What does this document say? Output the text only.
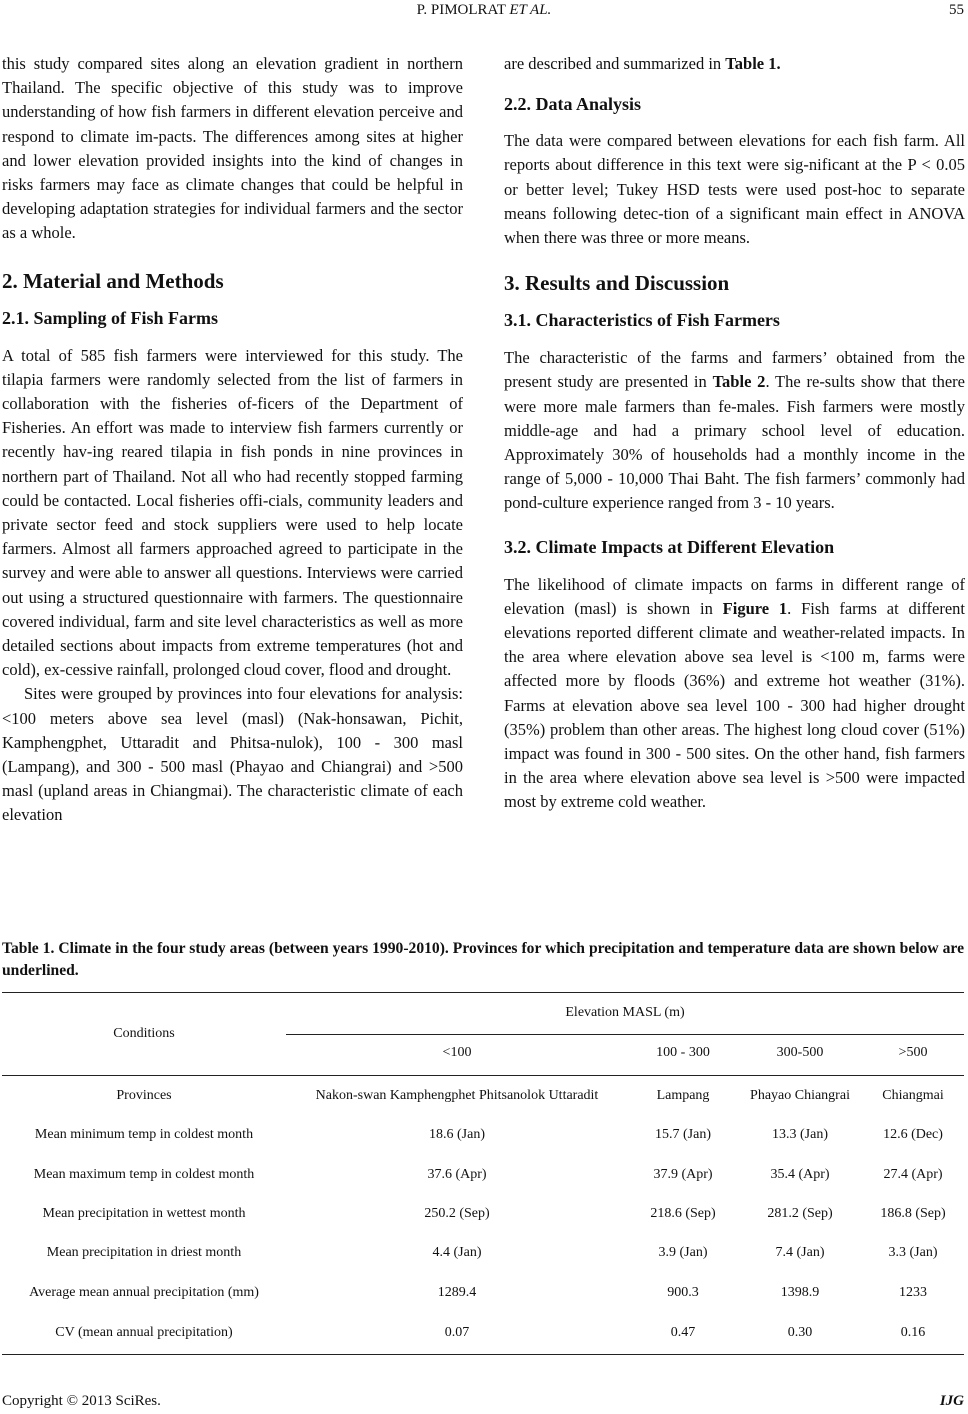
P. PIMOLRAT ET AL.	55

this study compared sites along an elevation gradient in northern Thailand. The specific objective of this study was to improve understanding of how fish farmers in different elevation perceive and respond to climate im-pacts. The differences among sites at higher and lower elevation provided insights into the kind of changes in risks farmers may face as climate changes that could be helpful in developing adaptation strategies for individual farmers and the sector as a whole.

2. Material and Methods
2.1. Sampling of Fish Farms

A total of 585 fish farmers were interviewed for this study. The tilapia farmers were randomly selected from the list of farmers in collaboration with the fisheries of-ficers of the Department of Fisheries. An effort was made to interview fish farmers currently or recently hav-ing reared tilapia in fish ponds in nine provinces in northern part of Thailand. Not all who had recently stopped farming could be contacted. Local fisheries offi-cials, community leaders and private sector feed and stock suppliers were used to help locate farmers. Almost all farmers approached agreed to participate in the survey and were able to answer all questions. Interviews were carried out using a structured questionnaire with farmers. The questionnaire covered individual, farm and site level characteristics as well as more detailed sections about impacts from extreme temperatures (hot and cold), ex-cessive rainfall, prolonged cloud cover, flood and drought.

Sites were grouped by provinces into four elevations for analysis: <100 meters above sea level (masl) (Nak-honsawan, Pichit, Kamphengphet, Uttaradit and Phitsa-nulok), 100 - 300 masl (Lampang), and 300 - 500 masl (Phayao and Chiangrai) and >500 masl (upland areas in Chiangmai). The characteristic climate of each elevation

are described and summarized in Table 1.

2.2. Data Analysis

The data were compared between elevations for each fish farm. All reports about difference in this text were sig-nificant at the P < 0.05 or better level; Tukey HSD tests were used post-hoc to separate means following detec-tion of a significant main effect in ANOVA when there was three or more means.

3. Results and Discussion
3.1. Characteristics of Fish Farmers

The characteristic of the farms and farmers’ obtained from the present study are presented in Table 2. The re-sults show that there were more male farmers than fe-males. Fish farmers were mostly middle-age and had a primary school level of education. Approximately 30% of households had a monthly income in the range of 5,000 - 10,000 Thai Baht. The fish farmers’ commonly had pond-culture experience ranged from 3 - 10 years.

3.2. Climate Impacts at Different Elevation

The likelihood of climate impacts on farms in different range of elevation (masl) is shown in Figure 1. Fish farms at different elevations reported different climate and weather-related impacts. In the area where elevation above sea level is <100 m, farms were affected more by floods (36%) and extreme hot weather (31%). Farms at elevation above sea level 100 - 300 had higher drought (35%) problem than other areas. The highest long cloud cover (51%) impact was found in 300 - 500 sites. On the other hand, fish farmers in the area where elevation above sea level is >500 were impacted most by extreme cold weather.

Table 1. Climate in the four study areas (between years 1990-2010). Provinces for which precipitation and temperature data are shown below are underlined.
Conditions
Elevation MASL (m)
<100	100 - 300	300-500	>500
Provinces	Nakon-swan Kamphengphet Phitsanolok Uttaradit	Lampang	Phayao Chiangrai	Chiangmai
Mean minimum temp in coldest month	18.6 (Jan)	15.7 (Jan)	13.3 (Jan)	12.6 (Dec)
Mean maximum temp in coldest month	37.6 (Apr)	37.9 (Apr)	35.4 (Apr)	27.4 (Apr)
Mean precipitation in wettest month	250.2 (Sep)	218.6 (Sep)	281.2 (Sep)	186.8 (Sep)
Mean precipitation in driest month	4.4 (Jan)	3.9 (Jan)	7.4 (Jan)	3.3 (Jan)
Average mean annual precipitation (mm)	1289.4	900.3	1398.9	1233
CV (mean annual precipitation)	0.07	0.47	0.30	0.16
Copyright © 2013 SciRes.	IJG
